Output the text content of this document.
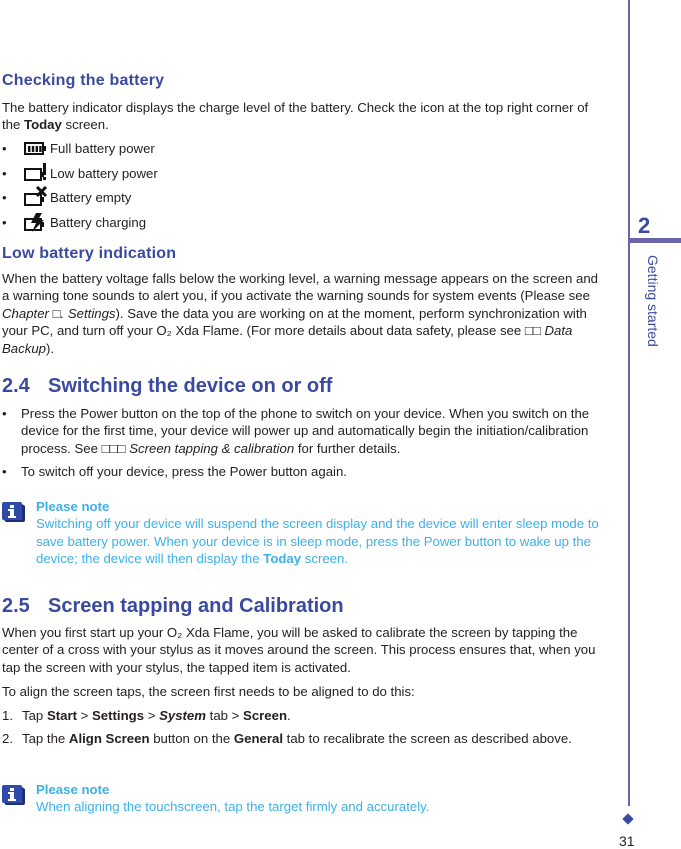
Checking the battery
The battery indicator displays the charge level of the battery. Check the icon at the top right corner of the Today screen.
•	Full battery power
•	Low battery power
•	Battery empty
•	Battery charging
Low battery indication
When the battery voltage falls below the working level, a warning message appears on the screen and a warning tone sounds to alert you, if you activate the warning sounds for system events (Please see Chapter □. Settings). Save the data you are working on at the moment, perform synchronization with your PC, and turn off your O₂ Xda Flame. (For more details about data safety, please see □□ Data Backup).
2.4 Switching the device on or off
•	Press the Power button on the top of the phone to switch on your device. When you switch on the device for the first time, your device will power up and automatically begin the initiation/calibration process. See □□□ Screen tapping & calibration for further details.
•	To switch off your device, press the Power button again.
Please note
Switching off your device will suspend the screen display and the device will enter sleep mode to save battery power. When your device is in sleep mode, press the Power button to wake up the device; the device will then display the Today screen.
2.5 Screen tapping and Calibration
When you first start up your O₂ Xda Flame, you will be asked to calibrate the screen by tapping the center of a cross with your stylus as it moves around the screen. This process ensures that, when you tap the screen with your stylus, the tapped item is activated.
To align the screen taps, the screen first needs to be aligned to do this:
1. Tap Start > Settings > System tab > Screen.
2. Tap the Align Screen button on the General tab to recalibrate the screen as described above.
Please note
When aligning the touchscreen, tap the target firmly and accurately.
2
Getting started
31
